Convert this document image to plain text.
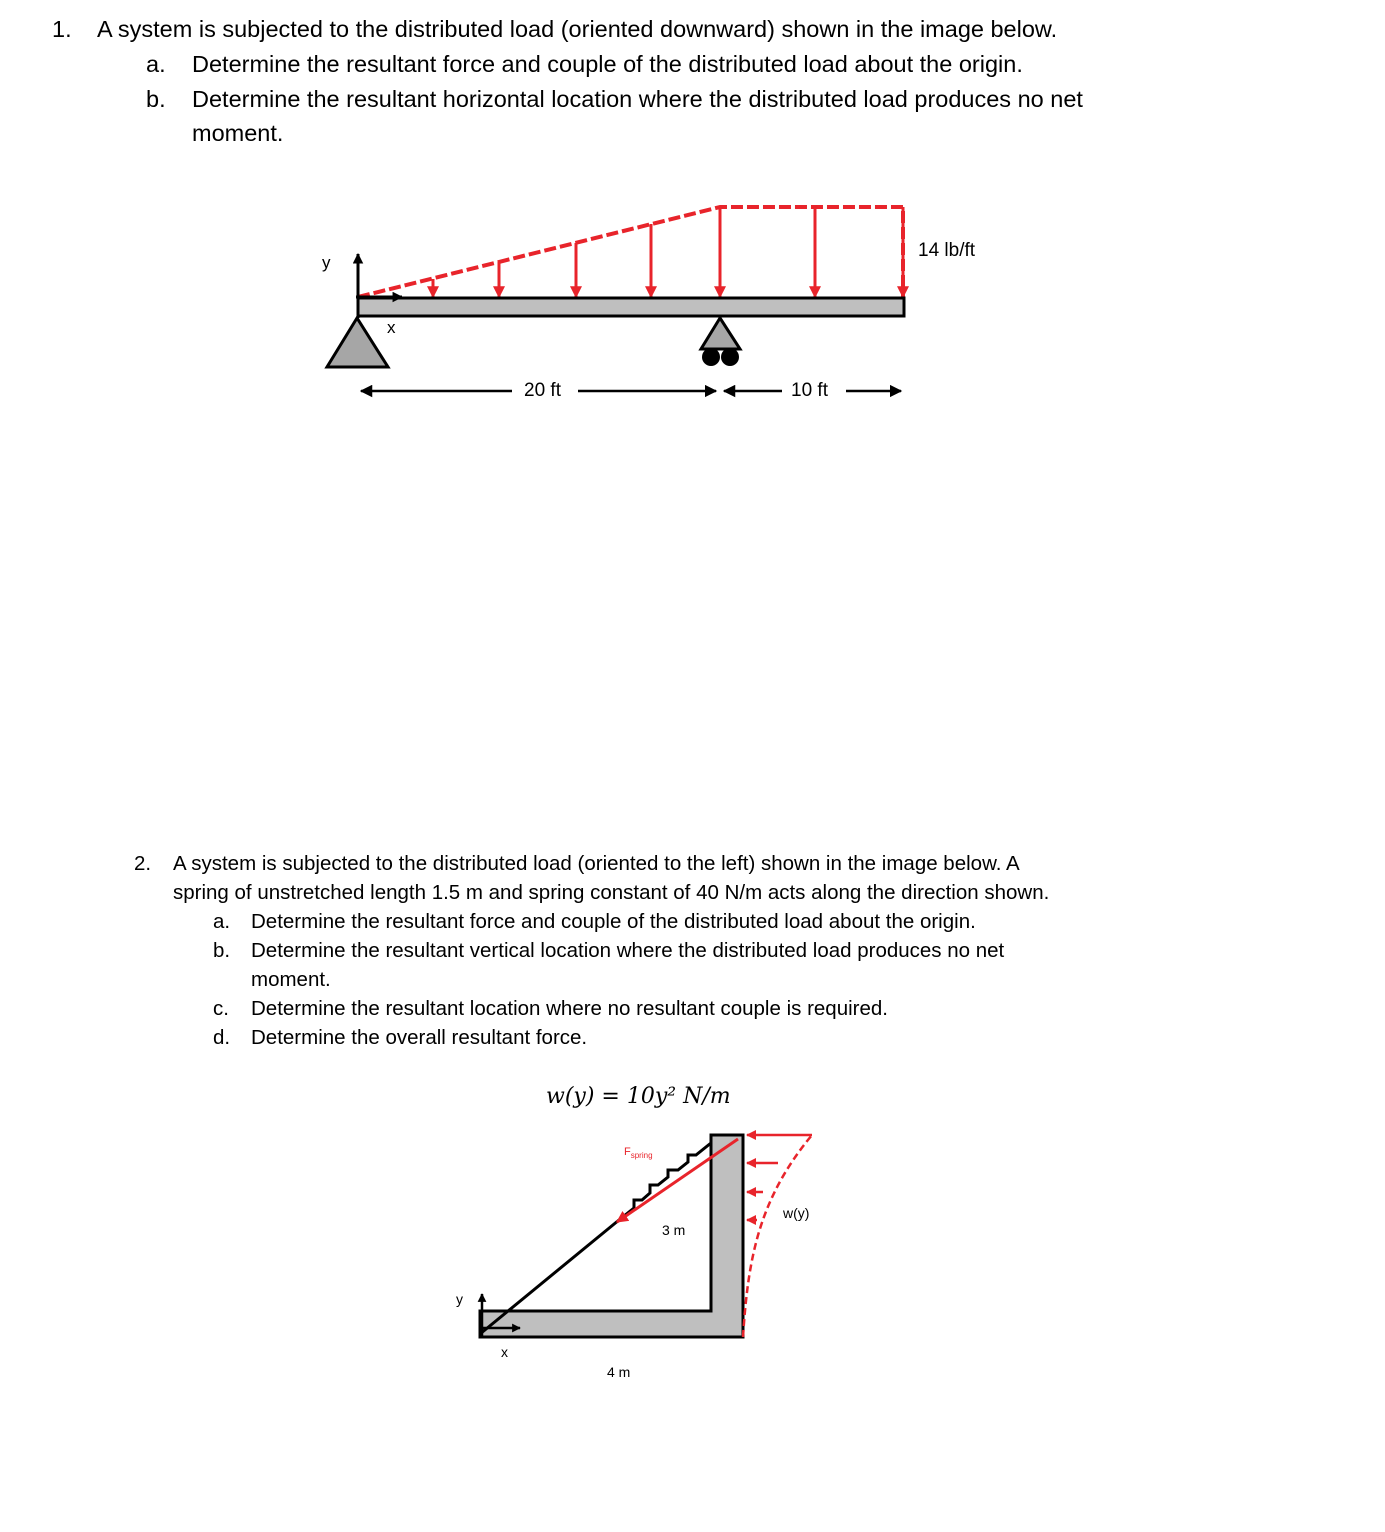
1. A system is subjected to the distributed load (oriented downward) shown in the image below.
a. Determine the resultant force and couple of the distributed load about the origin.
b. Determine the resultant horizontal location where the distributed load produces no net
moment.
y
x
14 lb/ft
20 ft	10 ft
2. A system is subjected to the distributed load (oriented to the left) shown in the image below. A
spring of unstretched length 1.5 m and spring constant of 40 N/m acts along the direction shown.
a. Determine the resultant force and couple of the distributed load about the origin.
b. Determine the resultant vertical location where the distributed load produces no net
moment.
c. Determine the resultant location where no resultant couple is required.
d. Determine the overall resultant force.
w(y) = 10y² N/m
$F_{spring}$
3 m
w(y)
y
x
4 m
